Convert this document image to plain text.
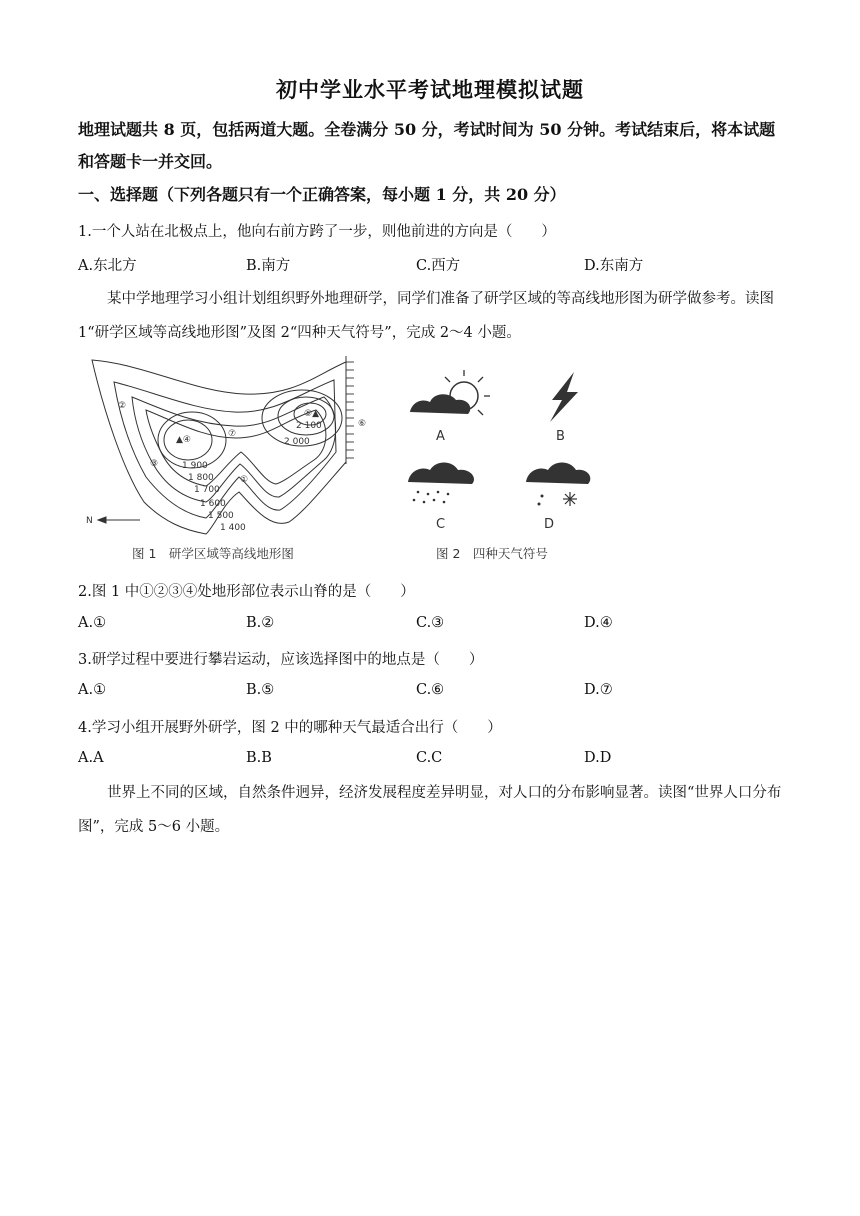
初中学业水平考试地理模拟试题
地理试题共 8 页，包括两道大题。全卷满分 50 分，考试时间为 50 分钟。考试结束后，将本试题和答题卡一并交回。
一、选择题（下列各题只有一个正确答案，每小题 1 分，共 20 分）
1.一个人站在北极点上，他向右前方跨了一步，则他前进的方向是（　　）
A.东北方	B.南方	C.西方	D.东南方
某中学地理学习小组计划组织野外地理研学，同学们准备了研学区域的等高线地形图为研学做参考。读图 1“研学区域等高线地形图”及图 2“四种天气符号”，完成 2～4 小题。
N
1 900
1 800
1 700
1 600
1 500
1 400
2 100
2 000
①
②
③
▲④
⑤▲
⑥
⑦
图 1　研学区域等高线地形图
A	B
C	D
图 2　四种天气符号
2.图 1 中①②③④处地形部位表示山脊的是（　　）
A.①	B.②	C.③	D.④
3.研学过程中要进行攀岩运动，应该选择图中的地点是（　　）
A.①	B.⑤	C.⑥	D.⑦
4.学习小组开展野外研学，图 2 中的哪种天气最适合出行（　　）
A.A	B.B	C.C	D.D
世界上不同的区域，自然条件迥异，经济发展程度差异明显，对人口的分布影响显著。读图“世界人口分布图”，完成 5～6 小题。
